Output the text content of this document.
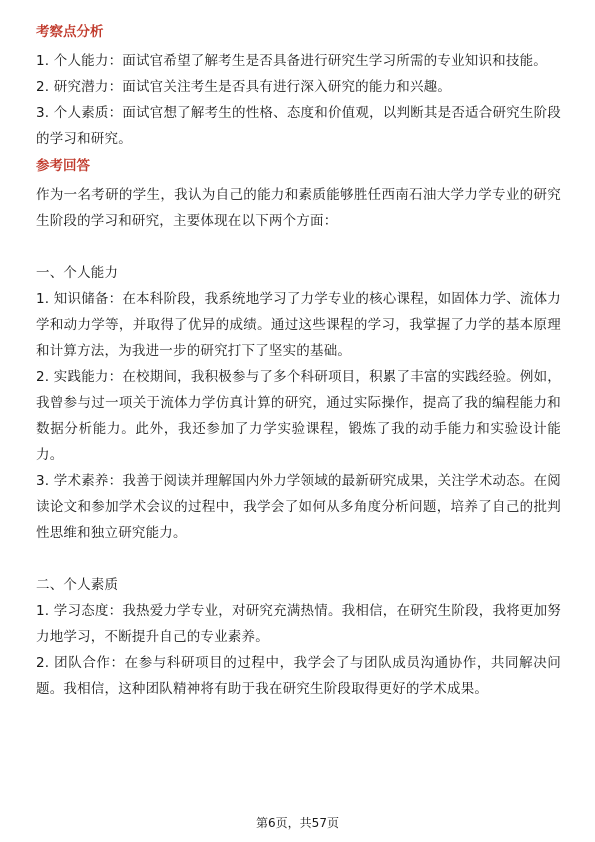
考察点分析

1. 个人能力：面试官希望了解考生是否具备进行研究生学习所需的专业知识和技能。

2. 研究潜力：面试官关注考生是否具有进行深入研究的能力和兴趣。

3. 个人素质：面试官想了解考生的性格、态度和价值观，以判断其是否适合研究生阶段的学习和研究。

参考回答

作为一名考研的学生，我认为自己的能力和素质能够胜任西南石油大学力学专业的研究生阶段的学习和研究，主要体现在以下两个方面：

一、个人能力

1. 知识储备：在本科阶段，我系统地学习了力学专业的核心课程，如固体力学、流体力学和动力学等，并取得了优异的成绩。通过这些课程的学习，我掌握了力学的基本原理和计算方法，为我进一步的研究打下了坚实的基础。

2. 实践能力：在校期间，我积极参与了多个科研项目，积累了丰富的实践经验。例如，我曾参与过一项关于流体力学仿真计算的研究，通过实际操作，提高了我的编程能力和数据分析能力。此外，我还参加了力学实验课程，锻炼了我的动手能力和实验设计能力。

3. 学术素养：我善于阅读并理解国内外力学领域的最新研究成果，关注学术动态。在阅读论文和参加学术会议的过程中，我学会了如何从多角度分析问题，培养了自己的批判性思维和独立研究能力。

二、个人素质

1. 学习态度：我热爱力学专业，对研究充满热情。我相信，在研究生阶段，我将更加努力地学习，不断提升自己的专业素养。

2. 团队合作：在参与科研项目的过程中，我学会了与团队成员沟通协作，共同解决问题。我相信，这种团队精神将有助于我在研究生阶段取得更好的学术成果。

第6页，共57页
